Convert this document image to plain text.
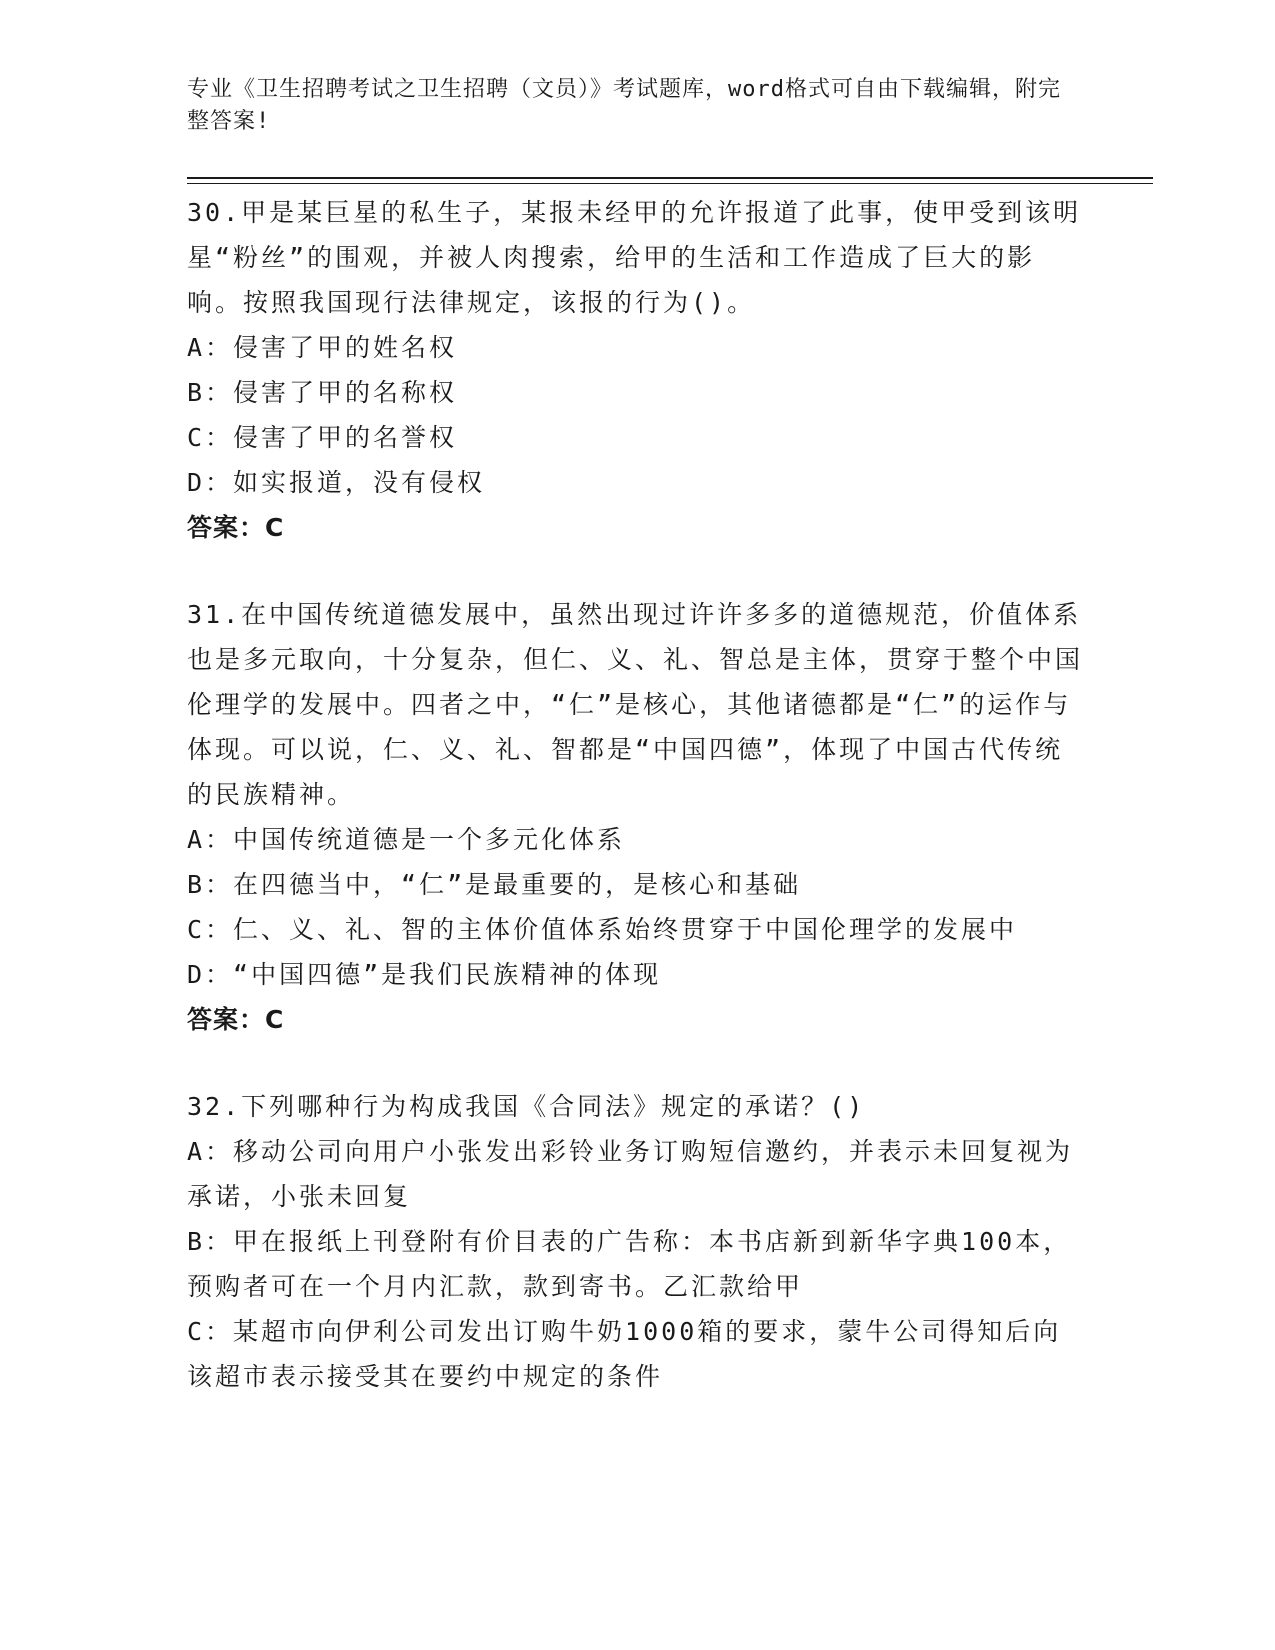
专业《卫生招聘考试之卫生招聘（文员）》考试题库，word格式可自由下载编辑，附完整答案!

30.甲是某巨星的私生子，某报未经甲的允许报道了此事，使甲受到该明星“粉丝”的围观，并被人肉搜索，给甲的生活和工作造成了巨大的影响。按照我国现行法律规定，该报的行为()。

A：侵害了甲的姓名权

B：侵害了甲的名称权

C：侵害了甲的名誉权

D：如实报道，没有侵权

答案：C

31.在中国传统道德发展中，虽然出现过许许多多的道德规范，价值体系也是多元取向，十分复杂，但仁、义、礼、智总是主体，贯穿于整个中国伦理学的发展中。四者之中，“仁”是核心，其他诸德都是“仁”的运作与体现。可以说，仁、义、礼、智都是“中国四德”，体现了中国古代传统的民族精神。

A：中国传统道德是一个多元化体系

B：在四德当中，“仁”是最重要的，是核心和基础

C：仁、义、礼、智的主体价值体系始终贯穿于中国伦理学的发展中

D：“中国四德”是我们民族精神的体现

答案：C

32.下列哪种行为构成我国《合同法》规定的承诺？()

A：移动公司向用户小张发出彩铃业务订购短信邀约，并表示未回复视为承诺，小张未回复

B：甲在报纸上刊登附有价目表的广告称：本书店新到新华字典100本，预购者可在一个月内汇款，款到寄书。乙汇款给甲

C：某超市向伊利公司发出订购牛奶1000箱的要求，蒙牛公司得知后向该超市表示接受其在要约中规定的条件
